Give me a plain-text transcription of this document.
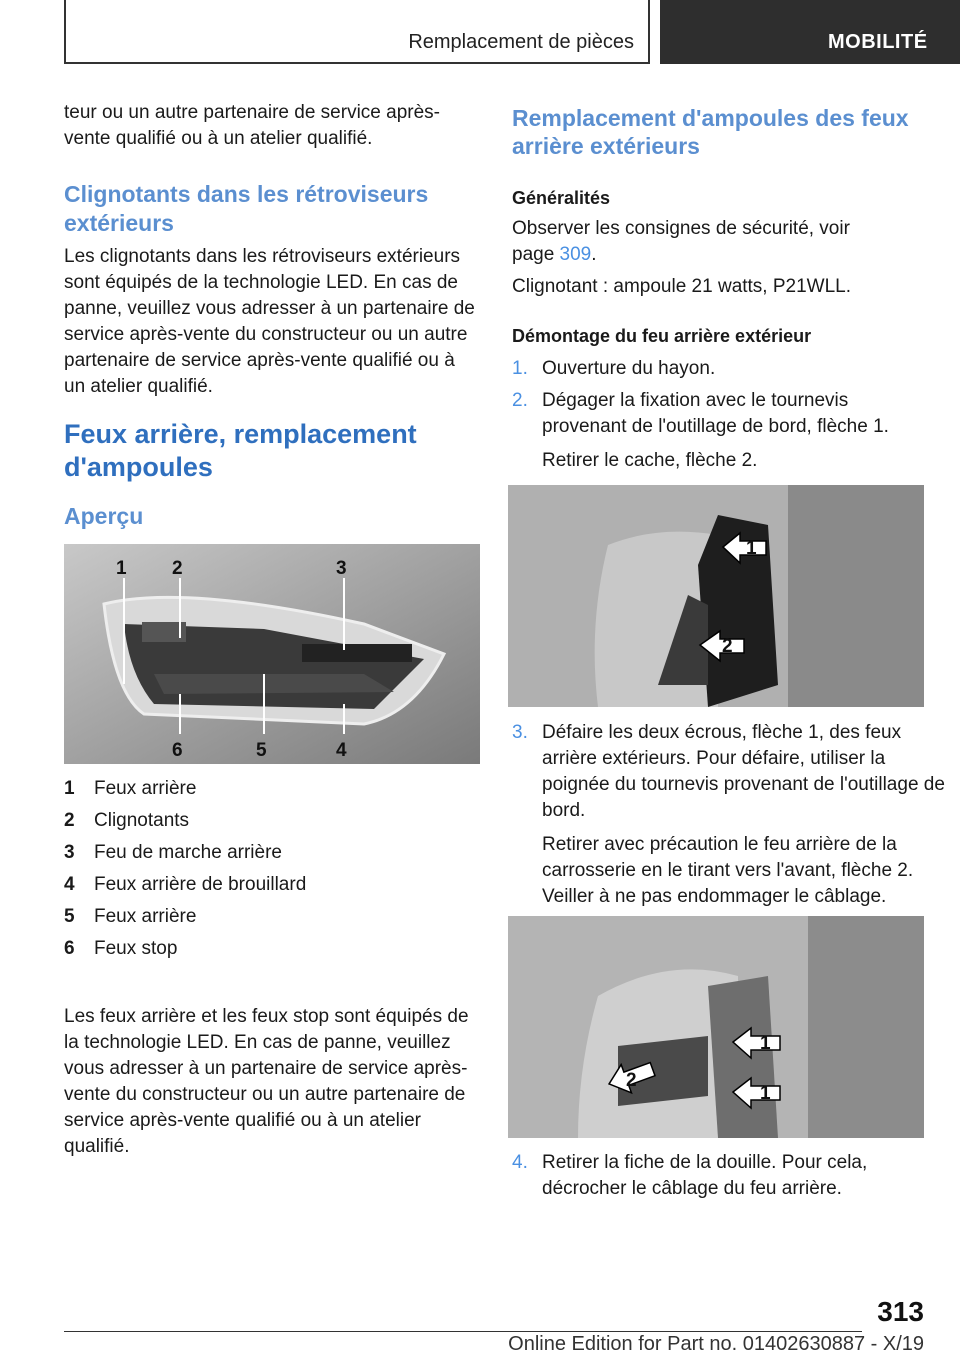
Remplacement de pièces	MOBILITÉ

teur ou un autre partenaire de service après-vente qualifié ou à un atelier qualifié.

Clignotants dans les rétroviseurs extérieurs

Les clignotants dans les rétroviseurs extérieurs sont équipés de la technologie LED. En cas de panne, veuillez vous adresser à un partenaire de service après-vente du constructeur ou un autre partenaire de service après-vente qualifié ou à un atelier qualifié.

Feux arrière, remplacement d'ampoules
Aperçu
1 2	3
4
5
6
1 Feux arrière
2 Clignotants
3 Feu de marche arrière
4 Feux arrière de brouillard
5 Feux arrière
6 Feux stop

Les feux arrière et les feux stop sont équipés de la technologie LED. En cas de panne, veuillez vous adresser à un partenaire de service après-vente du constructeur ou un autre partenaire de service après-vente qualifié ou à un atelier qualifié.

Remplacement d'ampoules des feux arrière extérieurs
Généralités

Observer les consignes de sécurité, voir page 309.

Clignotant : ampoule 21 watts, P21WLL.

Démontage du feu arrière extérieur
1. Ouverture du hayon.
2. Dégager la fixation avec le tournevis provenant de l'outillage de bord, flèche 1.
Retirer le cache, flèche 2.
1
2
3. Défaire les deux écrous, flèche 1, des feux arrière extérieurs. Pour défaire, utiliser la poignée du tournevis provenant de l'outillage de bord.
Retirer avec précaution le feu arrière de la carrosserie en le tirant vers l'avant, flèche 2. Veiller à ne pas endommager le câblage.
1
1
2
4. Retirer la fiche de la douille. Pour cela, décrocher le câblage du feu arrière.
313
Online Edition for Part no. 01402630887 - X/19
